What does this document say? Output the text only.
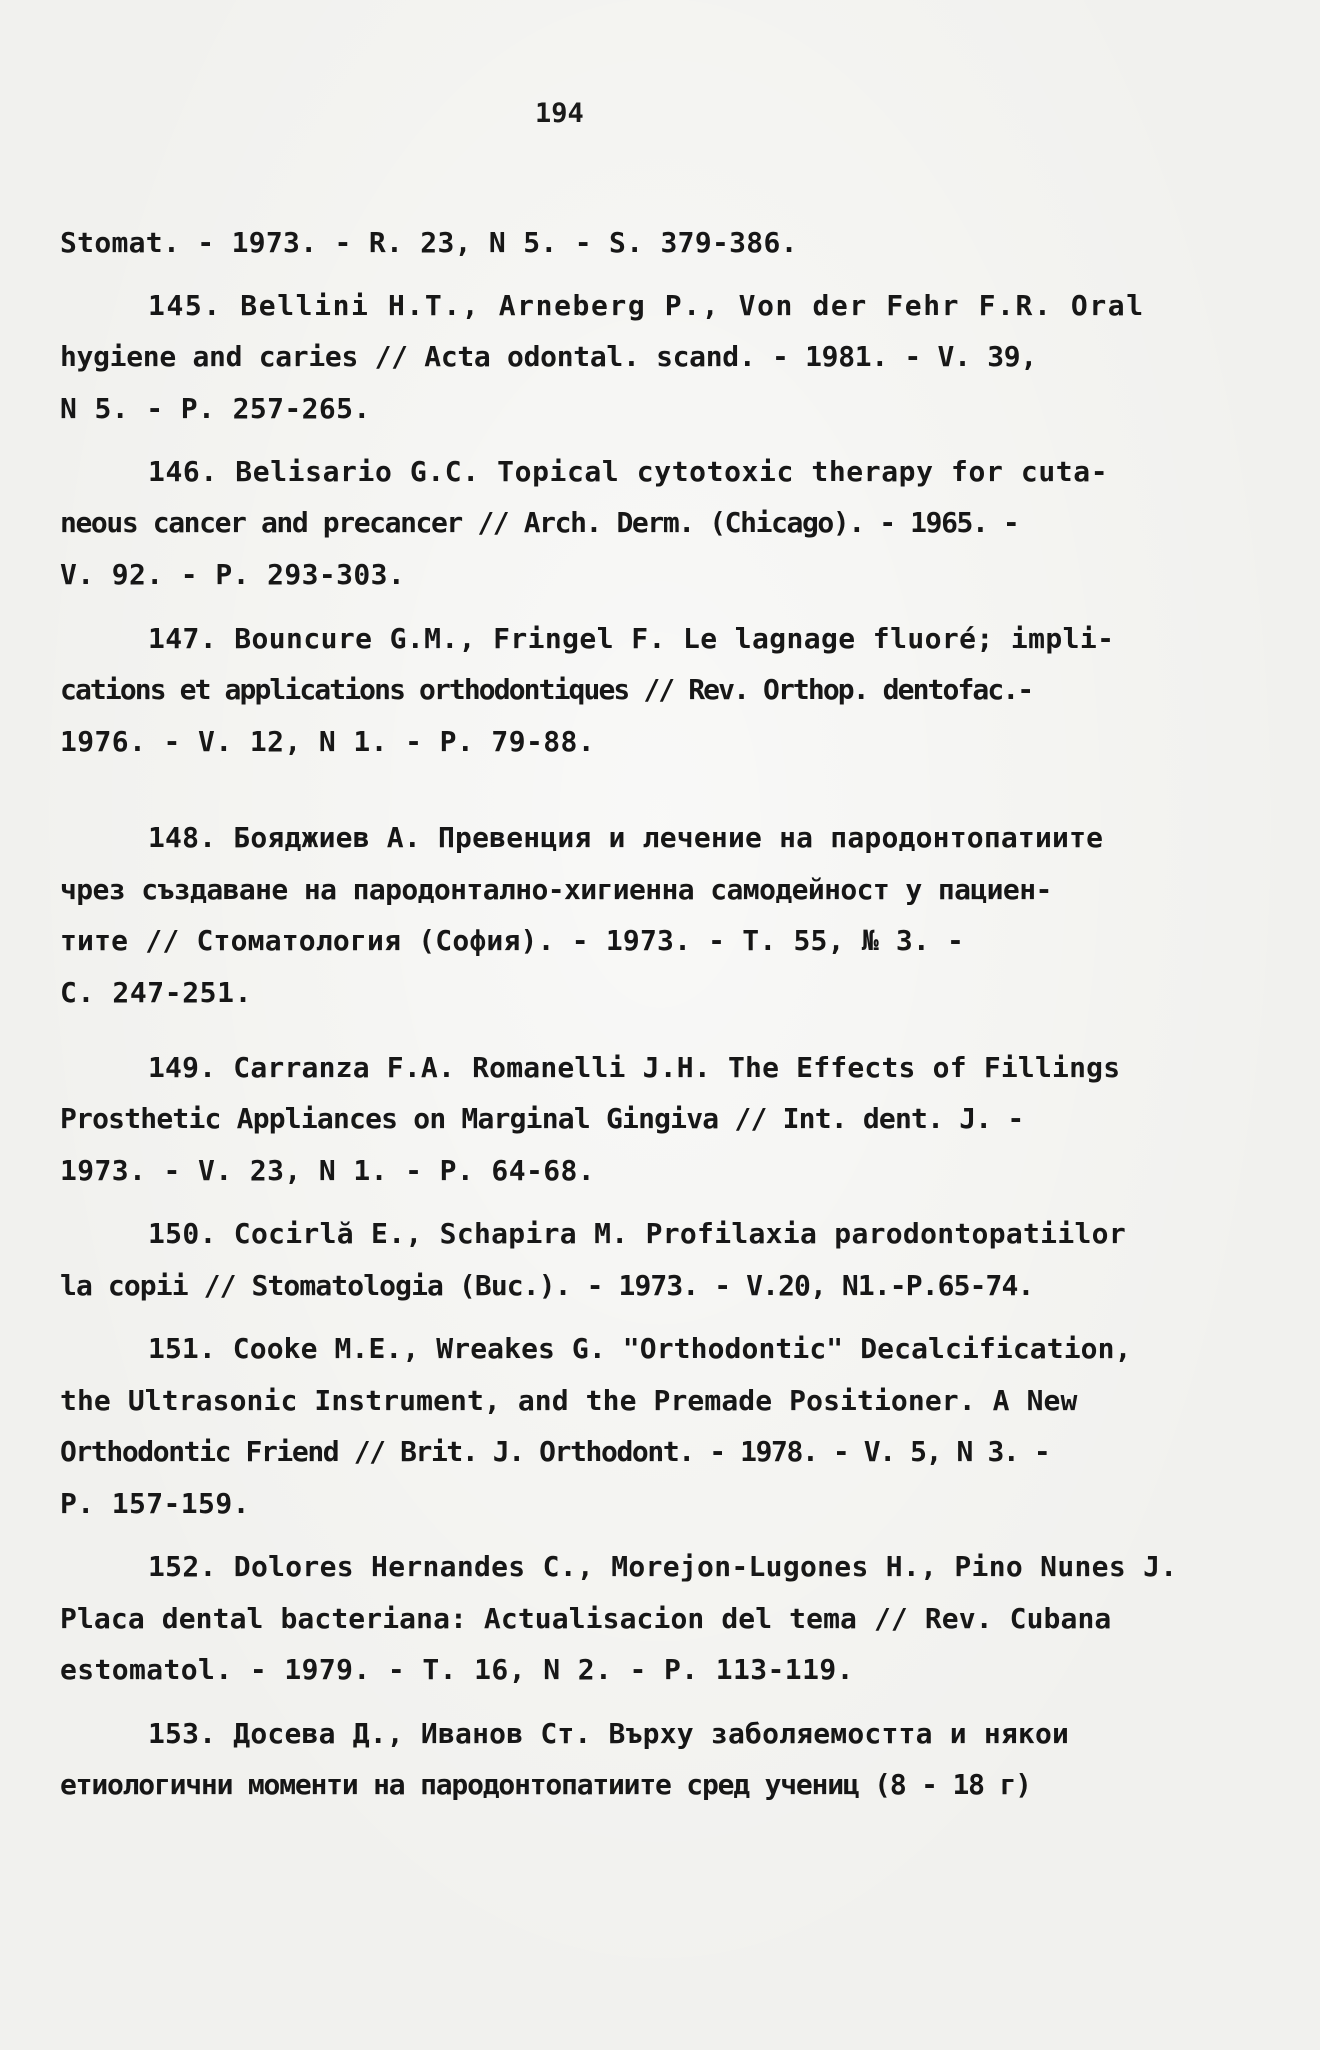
194
Stomat. - 1973. - R. 23, N 5. - S. 379-386.
145. Bellini H.T., Arneberg P., Von der Fehr F.R. Oral
hygiene and caries // Acta odontal. scand. - 1981. - V. 39,
N 5. - P. 257-265.
146. Belisario G.C. Topical cytotoxic therapy for cuta-
neous cancer and precancer // Arch. Derm. (Chicago). - 1965. -
V. 92. - P. 293-303.
147. Bouncure G.M., Fringel F. Le lagnage fluoré; impli-
cations et applications orthodontiques // Rev. Orthop. dentofac.-
1976. - V. 12, N 1. - P. 79-88.
148. Бояджиев А. Превенция и лечение на пародонтопатиите
чрез създаване на пародонтално-хигиенна самодейност у пациен-
тите // Стоматология (София). - 1973. - Т. 55, № 3. -
С. 247-251.
149. Carranza F.A. Romanelli J.H. The Effects of Fillings
Prosthetic Appliances on Marginal Gingiva // Int. dent. J. -
1973. - V. 23, N 1. - P. 64-68.
150. Cocirlă E., Schapira M. Profilaxia parodontopatiilor
la copii // Stomatologia (Buc.). - 1973. - V.20, N1.-P.65-74.
151. Cooke M.E., Wreakes G. "Orthodontic" Decalcification,
the Ultrasonic Instrument, and the Premade Positioner. A New
Orthodontic Friend // Brit. J. Orthodont. - 1978. - V. 5, N 3. -
P. 157-159.
152. Dolores Hernandes C., Morejon-Lugones H., Pino Nunes J.
Placa dental bacteriana: Actualisacion del tema // Rev. Cubana
estomatol. - 1979. - T. 16, N 2. - P. 113-119.
153. Досева Д., Иванов Ст. Върху заболяемостта и някои
етиологични моменти на пародонтопатиите сред учениц (8 - 18 г)
